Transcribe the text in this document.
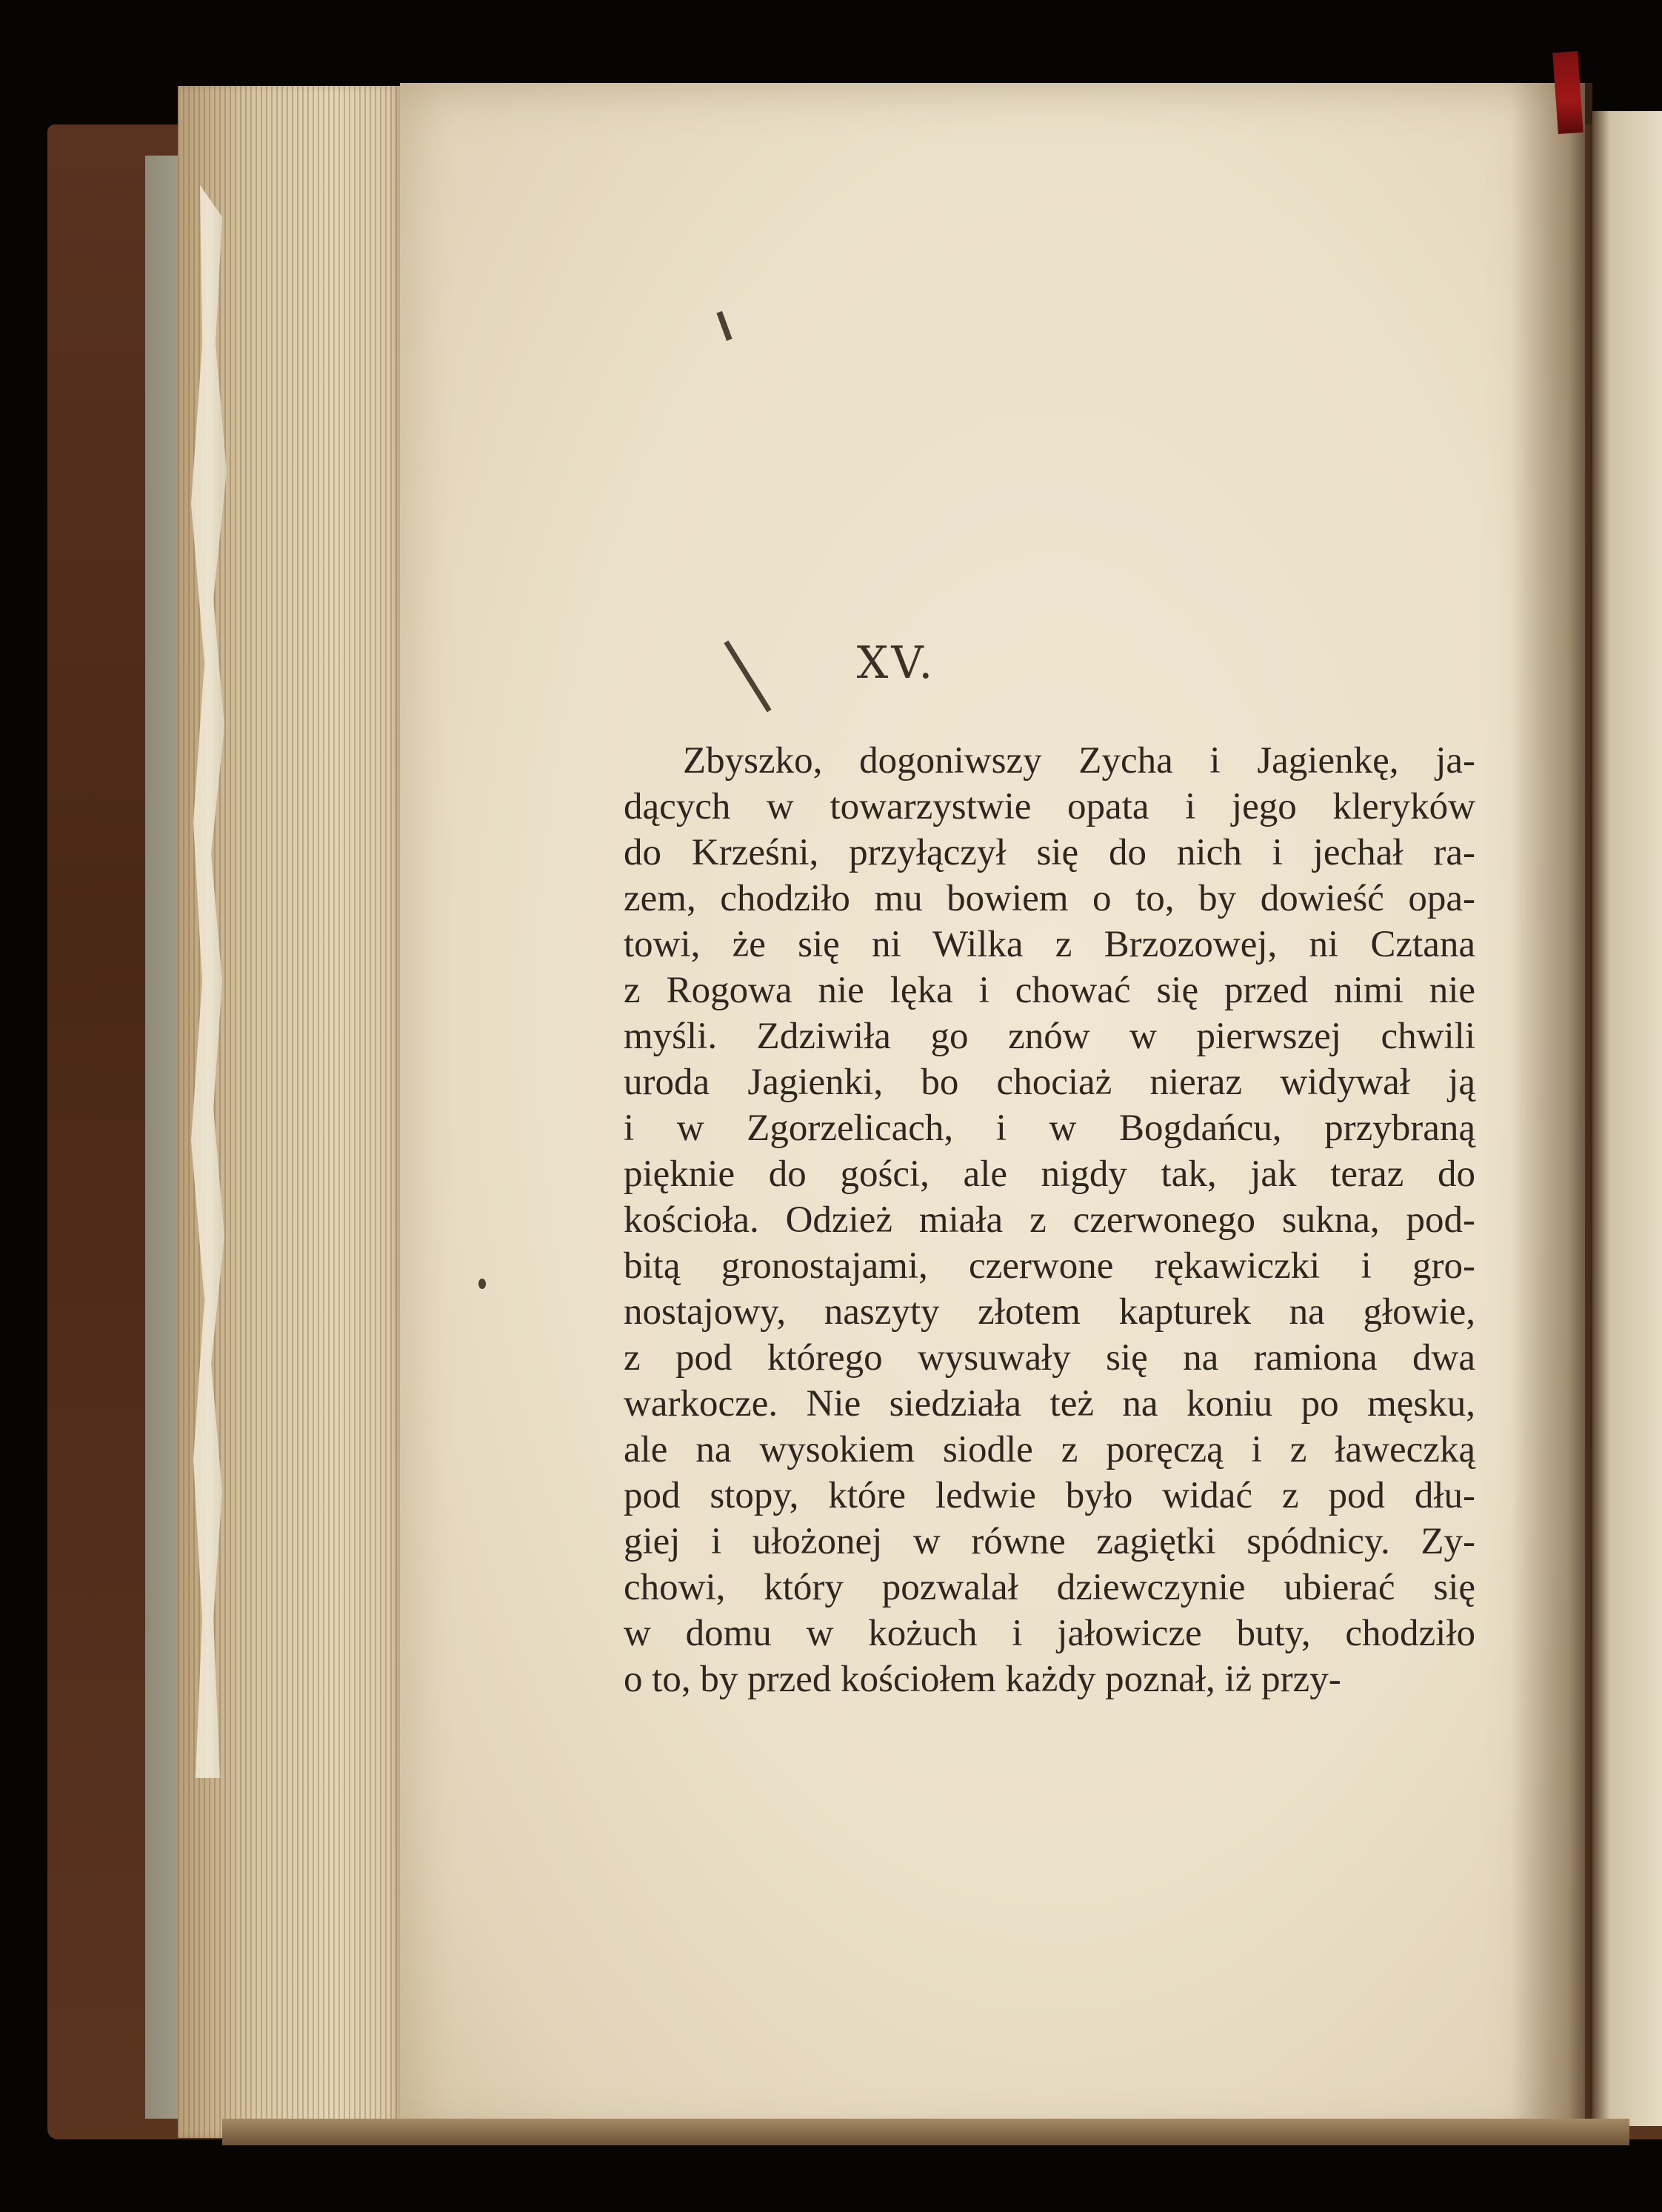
XV.
Zbyszko, dogoniwszy Zycha i Jagienkę, ja-
dących w towarzystwie opata i jego kleryków
do Krześni, przyłączył się do nich i jechał ra-
zem, chodziło mu bowiem o to, by dowieść opa-
towi, że się ni Wilka z Brzozowej, ni Cztana
z Rogowa nie lęka i chować się przed nimi nie
myśli. Zdziwiła go znów w pierwszej chwili
uroda Jagienki, bo chociaż nieraz widywał ją
i w Zgorzelicach, i w Bogdańcu, przybraną
pięknie do gości, ale nigdy tak, jak teraz do
kościoła. Odzież miała z czerwonego sukna, pod-
bitą gronostajami, czerwone rękawiczki i gro-
nostajowy, naszyty złotem kapturek na głowie,
z pod którego wysuwały się na ramiona dwa
warkocze. Nie siedziała też na koniu po męsku,
ale na wysokiem siodle z poręczą i z ławeczką
pod stopy, które ledwie było widać z pod dłu-
giej i ułożonej w równe zagiętki spódnicy. Zy-
chowi, który pozwalał dziewczynie ubierać się
w domu w kożuch i jałowicze buty, chodziło
o to, by przed kościołem każdy poznał, iż przy-
